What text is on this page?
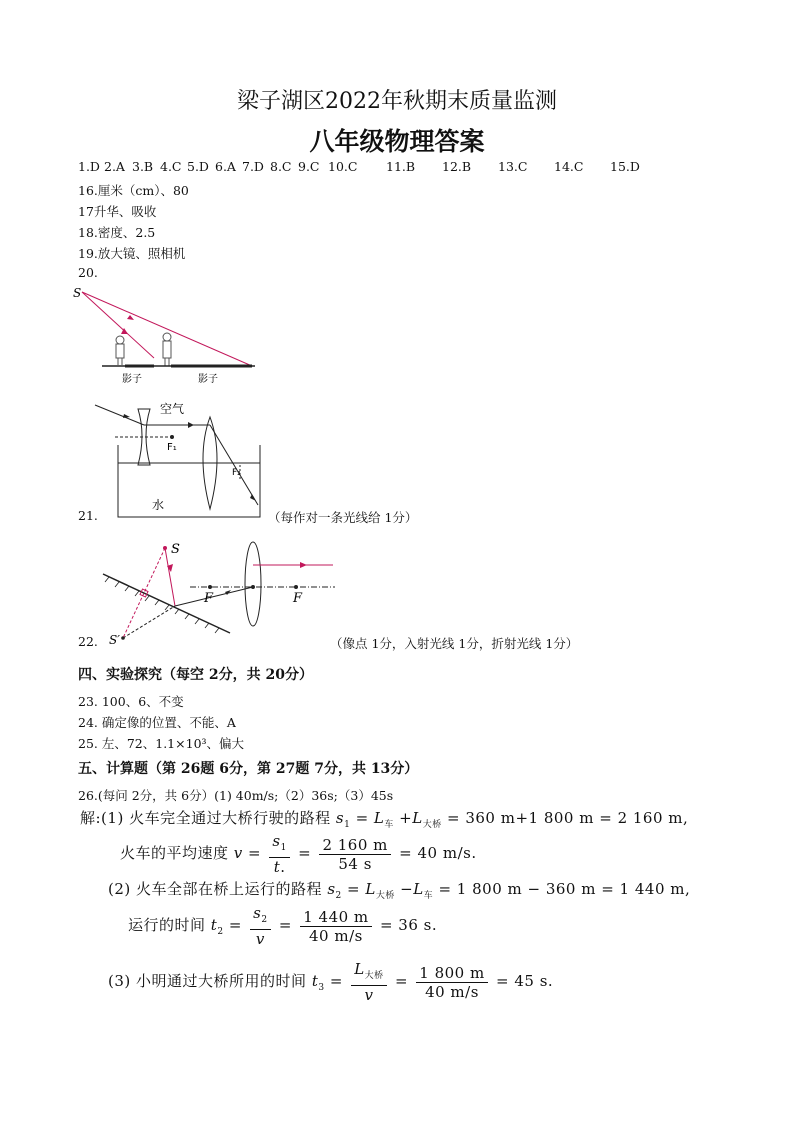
梁子湖区2022年秋期末质量监测
八年级物理答案
1.D 2.A 3.B 4.C 5.D 6.A 7.D 8.C 9.C 10.C 11.B 12.B 13.C 14.C 15.D
16.厘米（cm）、80
17升华、吸收
18.密度、2.5
19.放大镜、照相机
20.
S
影子	影子
空气
水
F₁
F₂
21.	（每作对一条光线给 1分）
S
S′
F	F
22.	（像点 1分，入射光线 1分，折射光线 1分）
四、实验探究（每空 2分，共 20分）
23. 100、6、不变
24. 确定像的位置、不能、A
25. 左、72、1.1×10³、偏大
五、计算题（第 26题 6分，第 27题 7分，共 13分）
26.(每问 2分，共 6分）(1) 40m/s;（2）36s;（3）45s
解:(1) 火车完全通过大桥行驶的路程 $s_1 = L_车 +L_{大桥} = 360$ m+1 800 m = 2 160 m,
火车的平均速度 $v = \frac{s_1}{t.} = \frac{2 160 m}{54 s} = 40$ m/s.
(2) 火车全部在桥上运行的路程 $s_2 = L_{大桥} -L_车 = 1$ 800 m − 360 m = 1 440 m,
运行的时间 $t_2 = \frac{s_2}{v} = \frac{1 440 m}{40 m/s} = 36$ s.
(3) 小明通过大桥所用的时间 $t_3 = \frac{L_{大桥}}{v} = \frac{1 800 m}{40 m/s} = 45$ s.
